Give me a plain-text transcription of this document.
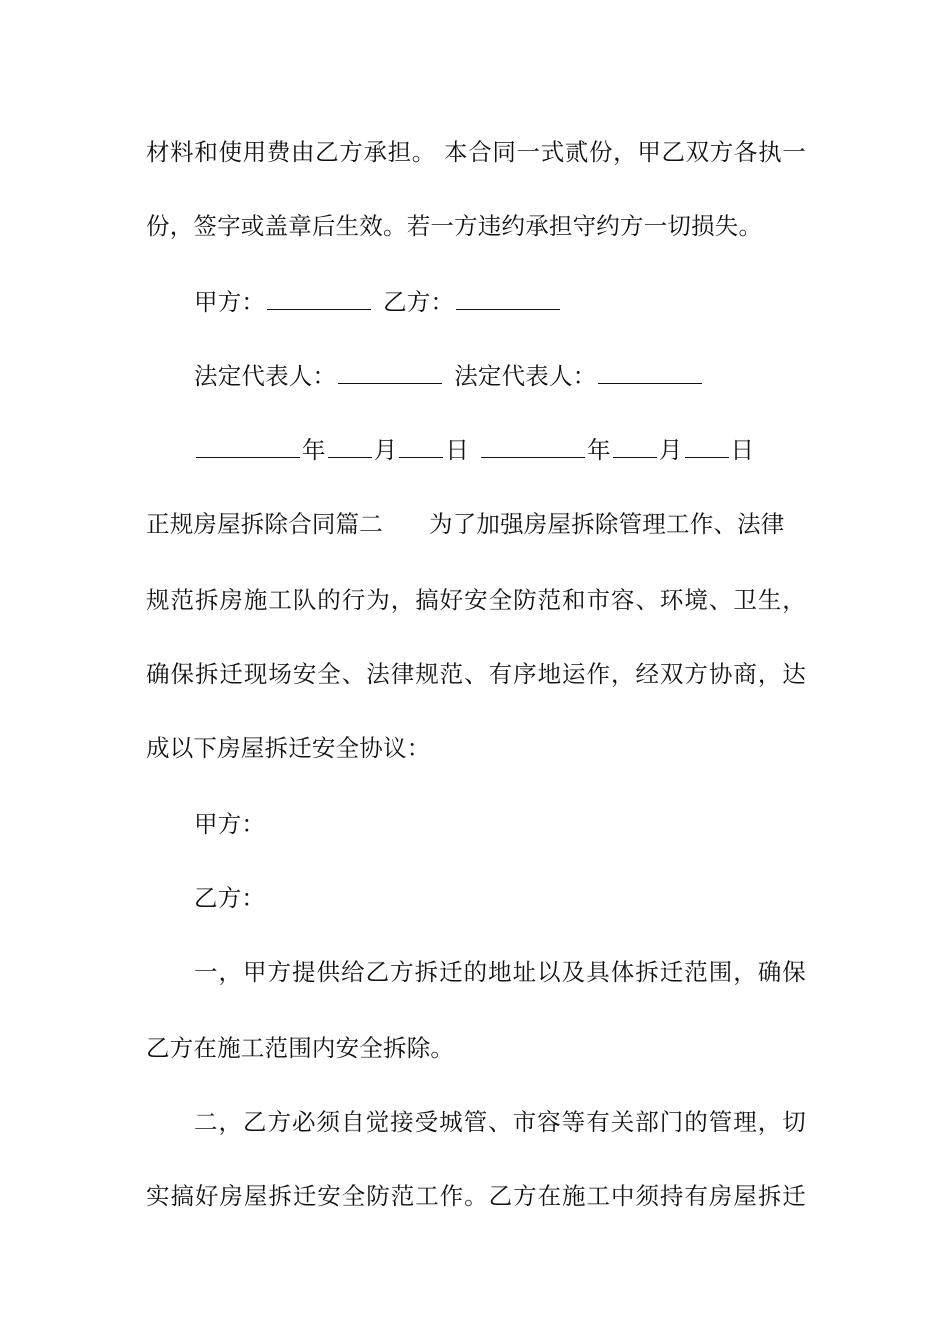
材料和使用费由乙方承担。 本合同一式贰份，甲乙双方各执一
份，签字或盖章后生效。若一方违约承担守约方一切损失。
甲方：	乙方：
法定代表人：	法定代表人：
年 月 日	年 月 日
正规房屋拆除合同篇二 为了加强房屋拆除管理工作、法律
规范拆房施工队的行为，搞好安全防范和市容、环境、卫生，
确保拆迁现场安全、法律规范、有序地运作，经双方协商，达
成以下房屋拆迁安全协议：
甲方：
乙方：
一，甲方提供给乙方拆迁的地址以及具体拆迁范围，确保
乙方在施工范围内安全拆除。
二，乙方必须自觉接受城管、市容等有关部门的管理，切
实搞好房屋拆迁安全防范工作。乙方在施工中须持有房屋拆迁
